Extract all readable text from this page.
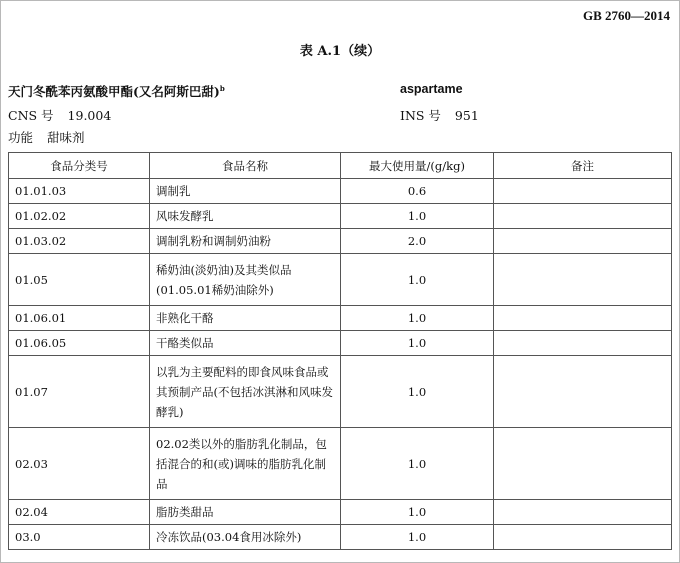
GB 2760—2014
表 A.1（续）
天门冬酰苯丙氨酸甲酯(又名阿斯巴甜)$^b$	aspartame
CNS 号 19.004	INS 号 951
功能 甜味剂
食品分类号	食品名称	最大使用量/(g/kg)	备注
01.01.03	调制乳	0.6	
01.02.02	风味发酵乳	1.0	
01.03.02	调制乳粉和调制奶油粉	2.0	
01.05	稀奶油(淡奶油)及其类似品(01.05.01稀奶油除外)	1.0	
01.06.01	非熟化干酪	1.0	
01.06.05	干酪类似品	1.0	
01.07	以乳为主要配料的即食风味食品或其预制产品(不包括冰淇淋和风味发酵乳)	1.0	
02.03	02.02类以外的脂肪乳化制品，包括混合的和(或)调味的脂肪乳化制品	1.0	
02.04	脂肪类甜品	1.0	
03.0	冷冻饮品(03.04食用冰除外)	1.0	
